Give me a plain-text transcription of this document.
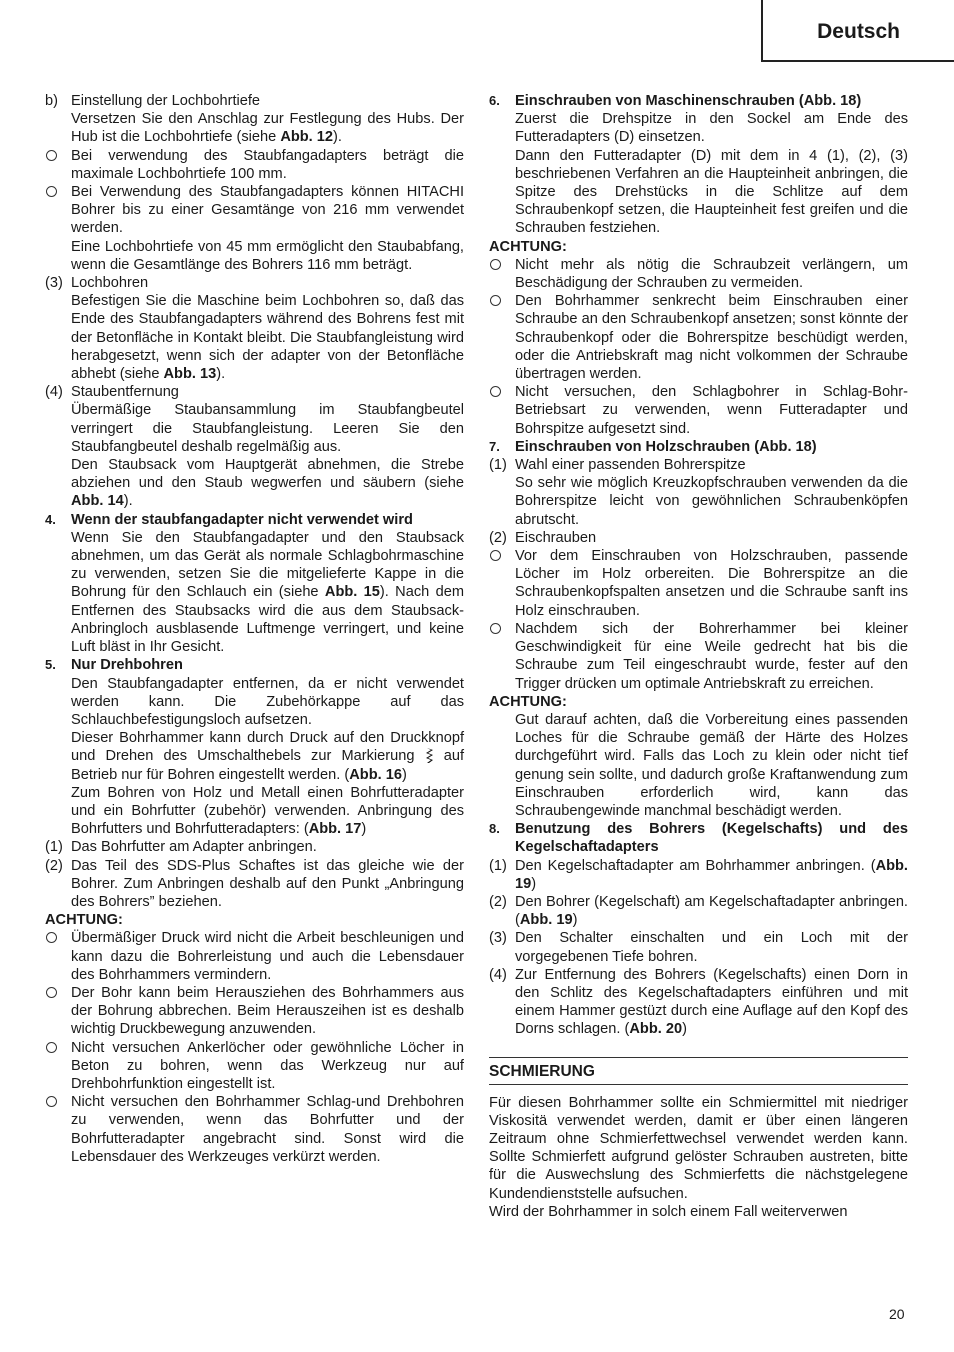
Deutsch
b) Einstellung der Lochbohrtiefe
Versetzen Sie den Anschlag zur Festlegung des Hubs. Der Hub ist die Lochbohrtiefe (siehe Abb. 12).
Bei verwendung des Staubfangadapters beträgt die maximale Lochbohrtiefe 100 mm.
Bei Verwendung des Staubfangadapters können HITACHI Bohrer bis zu einer Gesamtänge von 216 mm verwendet werden.
Eine Lochbohrtiefe von 45 mm ermöglicht den Staubabfang, wenn die Gesamtlänge des Bohrers 116 mm beträgt.
(3) Lochbohren
Befestigen Sie die Maschine beim Lochbohren so, daß das Ende des Staubfangadapters während des Bohrens fest mit der Betonfläche in Kontakt bleibt. Die Staubfangleistung wird herabgesetzt, wenn sich der adapter von der Betonfläche abhebt (siehe Abb. 13).
(4) Staubentfernung
Übermäßige Staubansammlung im Staubfangbeutel verringert die Staubfangleistung. Leeren Sie den Staubfangbeutel deshalb regelmäßig aus.
Den Staubsack vom Hauptgerät abnehmen, die Strebe abziehen und den Staub wegwerfen und säubern (siehe Abb. 14).
4. Wenn der staubfangadapter nicht verwendet wird
Wenn Sie den Staubfangadapter und den Staubsack abnehmen, um das Gerät als normale Schlagbohrmaschine zu verwenden, setzen Sie die mitgelieferte Kappe in die Bohrung für den Schlauch ein (siehe Abb. 15). Nach dem Entfernen des Staubsacks wird die aus dem Staubsack-Anbringloch ausblasende Luftmenge verringert, und keine Luft bläst in Ihr Gesicht.
5. Nur Drehbohren
Den Staubfangadapter entfernen, da er nicht verwendet werden kann. Die Zubehörkappe auf das Schlauchbefestigungsloch aufsetzen.
Dieser Bohrhammer kann durch Druck auf den Druckknopf und Drehen des Umschalthebels zur Markierung  auf Betrieb nur für Bohren eingestellt werden. (Abb. 16)
Zum Bohren von Holz und Metall einen Bohrfutteradapter und ein Bohrfutter (zubehör) verwenden. Anbringung des Bohrfutters und Bohrfutteradapters: (Abb. 17)
(1) Das Bohrfutter am Adapter anbringen.
(2) Das Teil des SDS-Plus Schaftes ist das gleiche wie der Bohrer. Zum Anbringen deshalb auf den Punkt „Anbringung des Bohrers” beziehen.
ACHTUNG:
Übermäßiger Druck wird nicht die Arbeit beschleunigen und kann dazu die Bohrerleistung und auch die Lebensdauer des Bohrhammers vermindern.
Der Bohr kann beim Herausziehen des Bohrhammers aus der Bohrung abbrechen. Beim Herauszeihen ist es deshalb wichtig Druckbewegung anzuwenden.
Nicht versuchen Ankerlöcher oder gewöhnliche Löcher in Beton zu bohren, wenn das Werkzeug nur auf Drehbohrfunktion eingestellt ist.
Nicht versuchen den Bohrhammer Schlag-und Drehbohren zu verwenden, wenn das Bohrfutter und der Bohrfutteradapter angebracht sind. Sonst wird die Lebensdauer des Werkzeuges verkürzt werden.
6. Einschrauben von Maschinenschrauben (Abb. 18)
Zuerst die Drehspitze in den Sockel am Ende des Futteradapters (D) einsetzen.
Dann den Futteradapter (D) mit dem in 4 (1), (2), (3) beschriebenen Verfahren an die Haupteinheit anbringen, die Spitze des Drehstücks in die Schlitze auf dem Schraubenkopf setzen, die Haupteinheit fest greifen und die Schrauben festziehen.
ACHTUNG:
Nicht mehr als nötig die Schraubzeit verlängern, um Beschädigung der Schrauben zu vermeiden.
Den Bohrhammer senkrecht beim Einschrauben einer Schraube an den Schraubenkopf ansetzen; sonst könnte der Schraubenkopf oder die Bohrerspitze beschüdigt werden, oder die Antriebskraft mag nicht volkommen der Schraube übertragen werden.
Nicht versuchen, den Schlagbohrer in Schlag-Bohr-Betriebsart zu verwenden, wenn Futteradapter und Bohrspitze aufgesetzt sind.
7. Einschrauben von Holzschrauben (Abb. 18)
(1) Wahl einer passenden Bohrerspitze
So sehr wie möglich Kreuzkopfschrauben verwenden da die Bohrerspitze leicht von gewöhnlichen Schraubenköpfen abrutscht.
(2) Eischrauben
Vor dem Einschrauben von Holzschrauben, passende Löcher im Holz orbereiten. Die Bohrerspitze an die Schraubenkopfspalten ansetzen und die Schraube sanft ins Holz einschrauben.
Nachdem sich der Bohrerhammer bei kleiner Geschwindigkeit für eine Weile gedrecht hat bis die Schraube zum Teil eingeschraubt wurde, fester auf den Trigger drücken um optimale Antriebskraft zu erreichen.
ACHTUNG:
Gut darauf achten, daß die Vorbereitung eines passenden Loches für die Schraube gemäß der Härte des Holzes durchgeführt wird. Falls das Loch zu klein oder nicht tief genung sein sollte, und dadurch große Kraftanwendung zum Einschrauben erforderlich wird, kann das Schraubengewinde manchmal beschädigt werden.
8. Benutzung des Bohrers (Kegelschafts) und des Kegelschaftadapters
(1) Den Kegelschaftadapter am Bohrhammer anbringen. (Abb. 19)
(2) Den Bohrer (Kegelschaft) am Kegelschaftadapter anbringen. (Abb. 19)
(3) Den Schalter einschalten und ein Loch mit der vorgegebenen Tiefe bohren.
(4) Zur Entfernung des Bohrers (Kegelschafts) einen Dorn in den Schlitz des Kegelschaftadapters einführen und mit einem Hammer gestüzt durch eine Auflage auf den Kopf des Dorns schlagen. (Abb. 20)
SCHMIERUNG
Für diesen Bohrhammer sollte ein Schmiermittel mit niedriger Viskositä verwendet werden, damit er über einen längeren Zeitraum ohne Schmierfettwechsel verwendet werden kann. Sollte Schmierfett aufgrund gelöster Schrauben austreten, bitte für die Auswechslung des Schmierfetts die nächstgelegene Kundendienststelle aufsuchen.
Wird der Bohrhammer in solch einem Fall weiterverwen
20
